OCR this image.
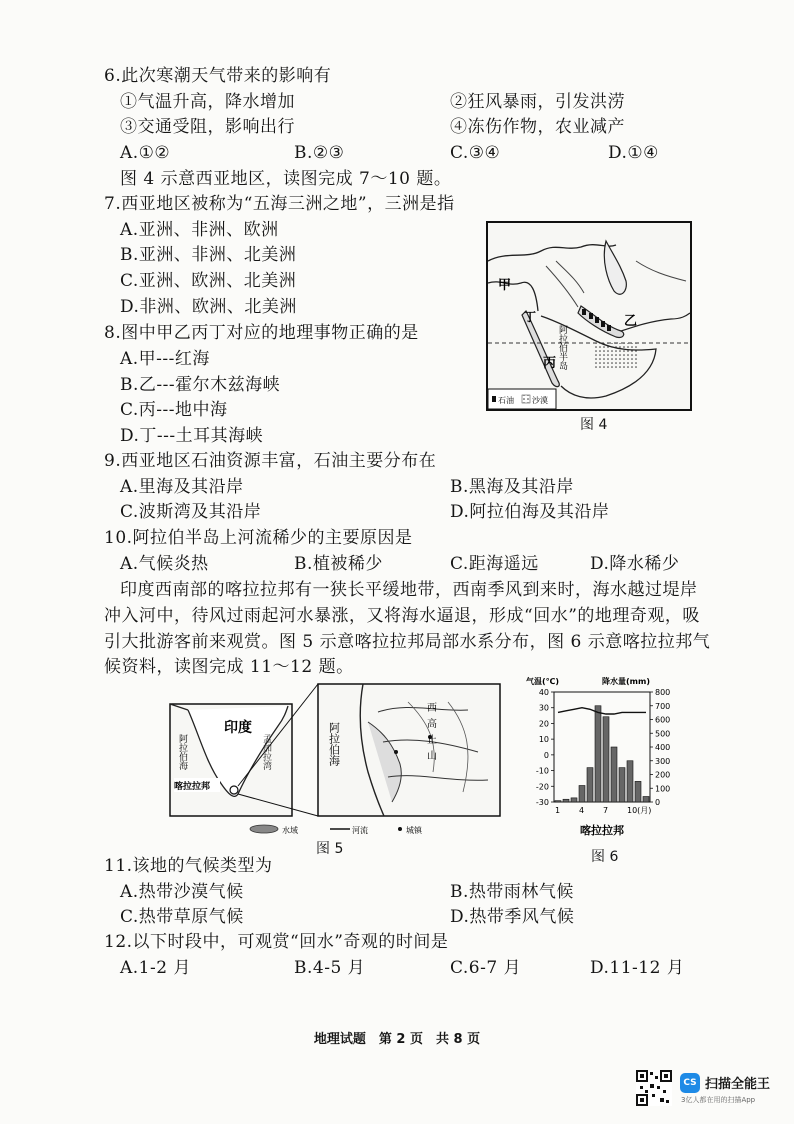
6.此次寒潮天气带来的影响有
①气温升高，降水增加	②狂风暴雨，引发洪涝
③交通受阻，影响出行	④冻伤作物，农业减产
A.①②	B.②③	C.③④	D.①④
图 4 示意西亚地区，读图完成 7～10 题。
7.西亚地区被称为“五海三洲之地”，三洲是指
A.亚洲、非洲、欧洲
B.亚洲、非洲、北美洲
C.亚洲、欧洲、北美洲
D.非洲、欧洲、北美洲
8.图中甲乙丙丁对应的地理事物正确的是
A.甲---红海
B.乙---霍尔木兹海峡
C.丙---地中海
D.丁---土耳其海峡
甲
乙
丙
丁
阿拉伯半岛
石油 沙漠
图 4
9.西亚地区石油资源丰富，石油主要分布在
A.里海及其沿岸	B.黑海及其沿岸
C.波斯湾及其沿岸	D.阿拉伯海及其沿岸
10.阿拉伯半岛上河流稀少的主要原因是
A.气候炎热	B.植被稀少	C.距海遥远	D.降水稀少
印度西南部的喀拉拉邦有一狭长平缓地带，西南季风到来时，海水越过堤岸
冲入河中，待风过雨起河水暴涨，又将海水逼退，形成“回水”的地理奇观，吸
引大批游客前来观赏。图 5 示意喀拉拉邦局部水系分布，图 6 示意喀拉拉邦气
候资料，读图完成 11～12 题。
印度
阿拉伯海	孟加拉湾
喀拉拉邦
阿拉伯海	西高止山
水域	河流	城镇
图 5
气温(℃)	降水量(mm)
40
30
20
10
0
-10
-20
-30
800
700
600
500
400
300
200
100
0
1 4 7 10(月)
喀拉拉邦
图 6
11.该地的气候类型为
A.热带沙漠气候	B.热带雨林气候
C.热带草原气候	D.热带季风气候
12.以下时段中，可观赏“回水”奇观的时间是
A.1-2 月	B.4-5 月	C.6-7 月	D.11-12 月
地理试题　第 2 页　共 8 页
CS 扫描全能王
3亿人都在用的扫描App
